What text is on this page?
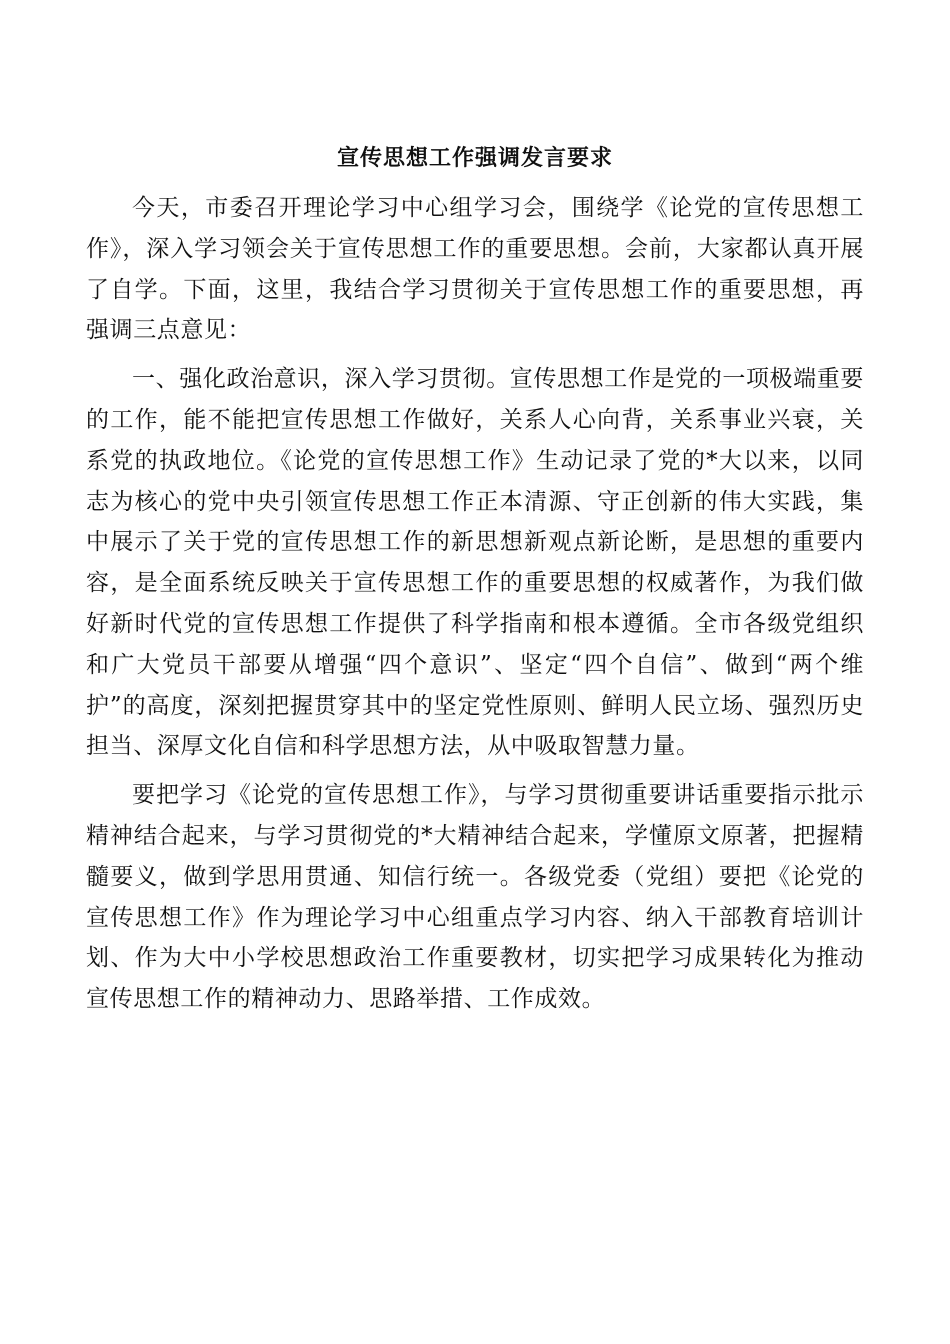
宣传思想工作强调发言要求

今天，市委召开理论学习中心组学习会，围绕学《论党的宣传思想工作》，深入学习领会关于宣传思想工作的重要思想。会前，大家都认真开展了自学。下面，这里，我结合学习贯彻关于宣传思想工作的重要思想，再强调三点意见：

一、强化政治意识，深入学习贯彻。宣传思想工作是党的一项极端重要的工作，能不能把宣传思想工作做好，关系人心向背，关系事业兴衰，关系党的执政地位。《论党的宣传思想工作》生动记录了党的*大以来，以同志为核心的党中央引领宣传思想工作正本清源、守正创新的伟大实践，集中展示了关于党的宣传思想工作的新思想新观点新论断，是思想的重要内容，是全面系统反映关于宣传思想工作的重要思想的权威著作，为我们做好新时代党的宣传思想工作提供了科学指南和根本遵循。全市各级党组织和广大党员干部要从增强“四个意识”、坚定“四个自信”、做到“两个维护”的高度，深刻把握贯穿其中的坚定党性原则、鲜明人民立场、强烈历史担当、深厚文化自信和科学思想方法，从中吸取智慧力量。

要把学习《论党的宣传思想工作》，与学习贯彻重要讲话重要指示批示精神结合起来，与学习贯彻党的*大精神结合起来，学懂原文原著，把握精髓要义，做到学思用贯通、知信行统一。各级党委（党组）要把《论党的宣传思想工作》作为理论学习中心组重点学习内容、纳入干部教育培训计划、作为大中小学校思想政治工作重要教材，切实把学习成果转化为推动宣传思想工作的精神动力、思路举措、工作成效。
